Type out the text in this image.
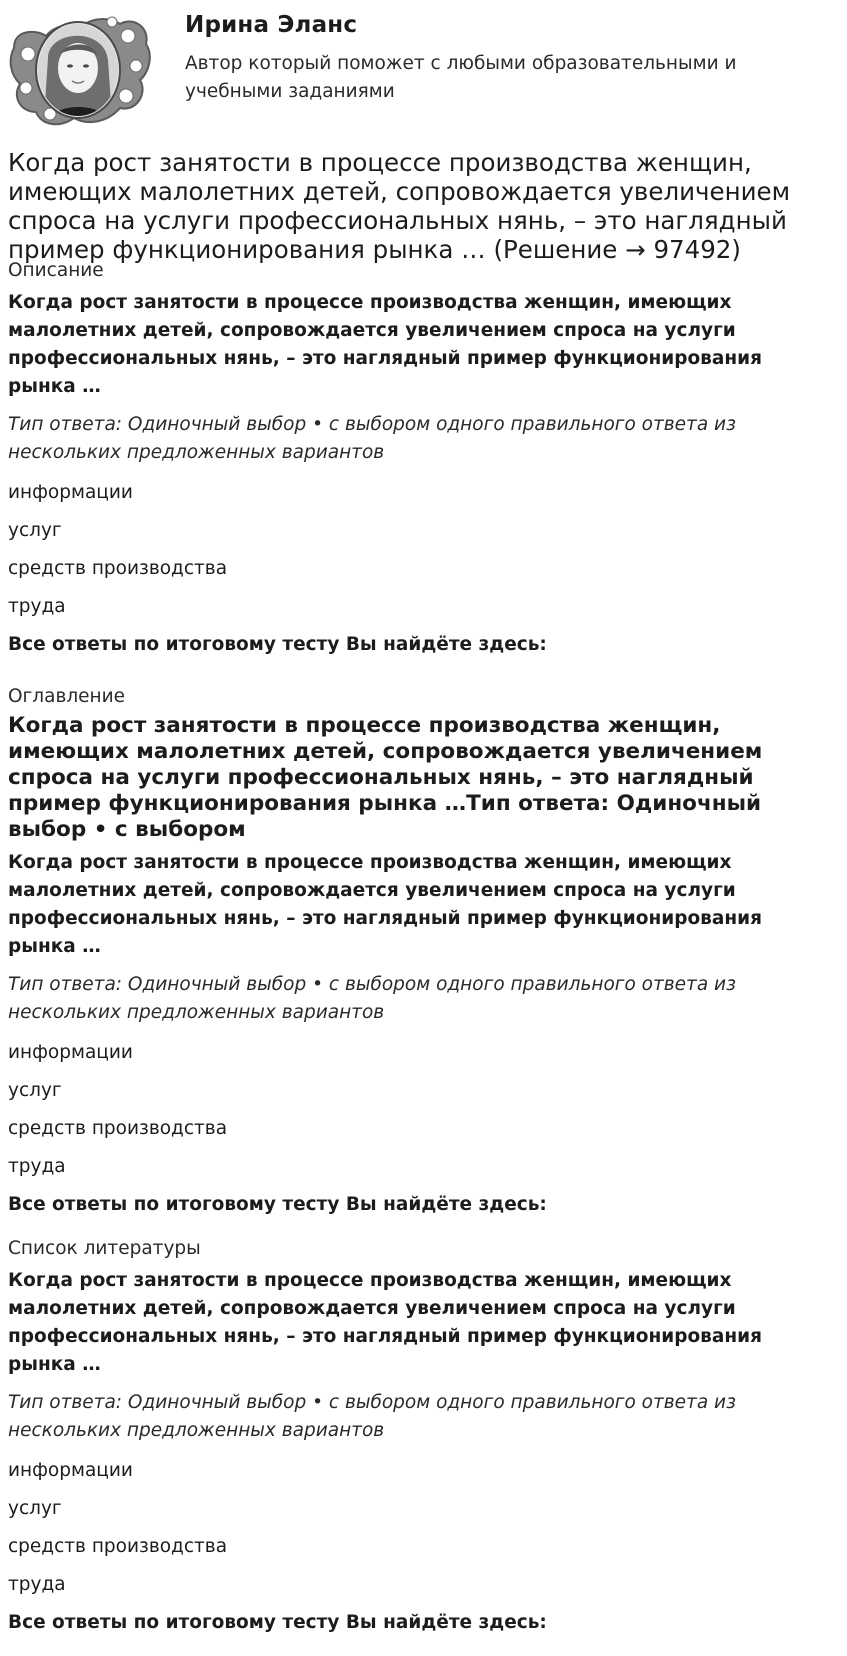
Ирина Эланс
Автор который поможет с любыми образовательными и учебными заданиями
Когда рост занятости в процессе производства женщин, имеющих малолетних детей, сопровождается увеличением спроса на услуги профессиональных нянь, – это наглядный пример функционирования рынка … (Решение → 97492)
Описание
Когда рост занятости в процессе производства женщин, имеющих малолетних детей, сопровождается увеличением спроса на услуги профессиональных нянь, – это наглядный пример функционирования рынка …
Тип ответа: Одиночный выбор • с выбором одного правильного ответа из нескольких предложенных вариантов
информации
услуг
средств производства
труда
Все ответы по итоговому тесту Вы найдёте здесь:
Оглавление
Когда рост занятости в процессе производства женщин, имеющих малолетних детей, сопровождается увеличением спроса на услуги профессиональных нянь, – это наглядный пример функционирования рынка …Тип ответа: Одиночный выбор • с выбором
Когда рост занятости в процессе производства женщин, имеющих малолетних детей, сопровождается увеличением спроса на услуги профессиональных нянь, – это наглядный пример функционирования рынка …
Тип ответа: Одиночный выбор • с выбором одного правильного ответа из нескольких предложенных вариантов
информации
услуг
средств производства
труда
Все ответы по итоговому тесту Вы найдёте здесь:
Список литературы
Когда рост занятости в процессе производства женщин, имеющих малолетних детей, сопровождается увеличением спроса на услуги профессиональных нянь, – это наглядный пример функционирования рынка …
Тип ответа: Одиночный выбор • с выбором одного правильного ответа из нескольких предложенных вариантов
информации
услуг
средств производства
труда
Все ответы по итоговому тесту Вы найдёте здесь:
